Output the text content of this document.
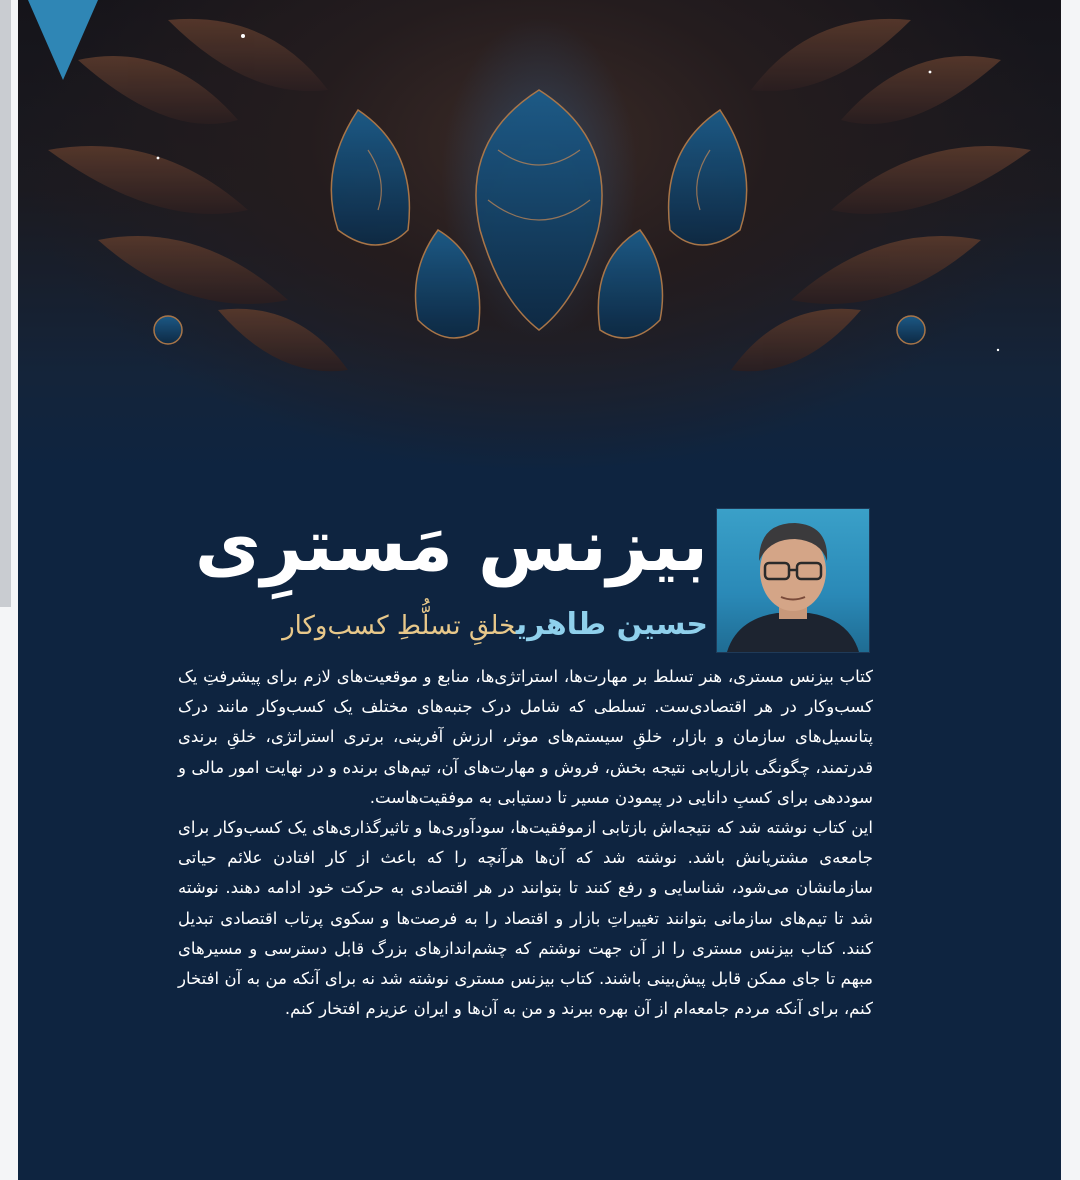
بیزنس مَسترِی
حسین طاهریخلقِ تسلُّطِ کسب‌وکار

کتاب بیزنس مستری، هنر تسلط بر مهارت‌ها، استراتژی‌ها، منابع و موقعیت‌های لازم برای پیشرفتِ یک کسب‌وکار در هر اقتصادی‌ست. تسلطی که شامل درک جنبه‌های مختلف یک کسب‌وکار مانند درک پتانسیل‌های سازمان و بازار، خلقِ سیستم‌های موثر، ارزش آفرینی، برتری استراتژی، خلقِ برندی قدرتمند، چگونگی بازاریابی نتیجه بخش، فروش و مهارت‌های آن، تیم‌های برنده و در نهایت امور مالی و سوددهی برای کسبِ دانایی در پیمودن مسیر تا دستیابی به موفقیت‌هاست.

این کتاب نوشته شد که نتیجه‌اش بازتابی ازموفقیت‌ها، سودآوری‌ها و تاثیرگذاری‌های یک کسب‌وکار برای جامعه‌ی مشتریانش باشد. نوشته شد که آن‌ها هرآنچه را که باعث از کار افتادن علائم حیاتی سازمانشان می‌شود، شناسایی و رفع کنند تا بتوانند در هر اقتصادی به حرکت خود ادامه دهند. نوشته شد تا تیم‌های سازمانی بتوانند تغییراتِ بازار و اقتصاد را به فرصت‌ها و سکوی پرتاب اقتصادی تبدیل کنند. کتاب بیزنس مستری را از آن جهت نوشتم که چشم‌اندازهای بزرگ قابل دسترسی و مسیرهای مبهم تا جای ممکن قابل پیش‌بینی باشند. کتاب بیزنس مستری نوشته شد نه برای آنکه من به آن افتخار کنم، برای آنکه مردم جامعه‌ام از آن بهره ببرند و من به آن‌ها و ایران عزیزم افتخار کنم.
